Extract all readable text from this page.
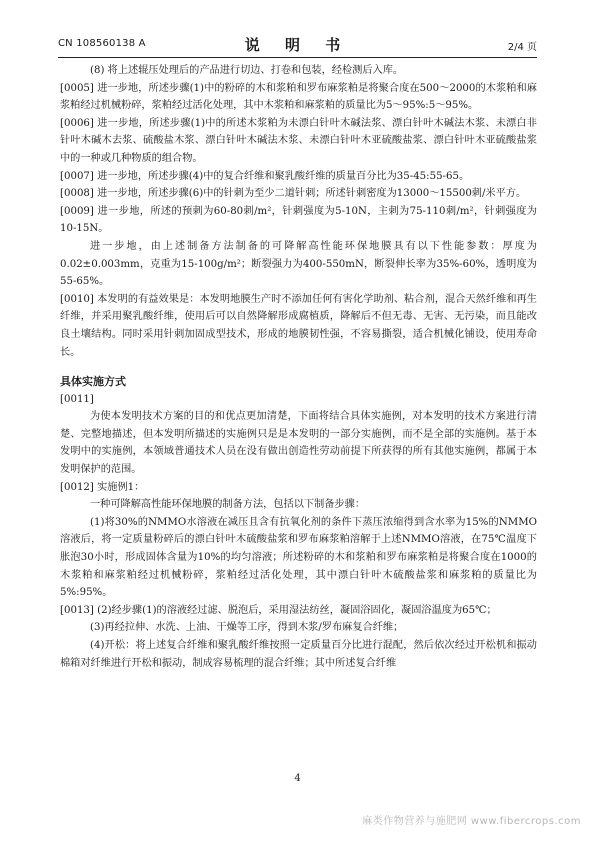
CN 108560138 A	说 明 书	2/4 页

(8) 将上述辊压处理后的产品进行切边、打卷和包装，经检测后入库。

[0005] 进一步地，所述步骤(1)中的粉碎的木和浆粕和罗布麻浆粕是将聚合度在500～2000的木浆粕和麻浆粕经过机械粉碎，浆粕经过活化处理，其中木浆粕和麻浆粕的质量比为5～95%:5～95%。

[0006] 进一步地，所述步骤(1)中的所述木浆粕为未漂白针叶木碱法浆、漂白针叶木碱法木浆、未漂白非针叶木碱木去浆、硫酸盐木浆、漂白针叶木碱法木浆、未漂白针叶木亚硫酸盐浆、漂白针叶木亚硫酸盐浆中的一种或几种物质的组合物。

[0007] 进一步地，所述步骤(4)中的复合纤维和聚乳酸纤维的质量百分比为35-45:55-65。

[0008] 进一步地，所述步骤(6)中的针刺为至少二道针刺；所述针刺密度为13000～15500刺/米平方。

[0009] 进一步地，所述的预刺为60-80刺/m²，针刺强度为5-10N，主刺为75-110刺/m²，针刺强度为10-15N。

进一步地，由上述制备方法制备的可降解高性能环保地膜具有以下性能参数：厚度为0.02±0.003mm，克重为15-100g/m²；断裂强力为400-550mN，断裂伸长率为35%-60%，透明度为55-65%。

[0010] 本发明的有益效果是：本发明地膜生产时不添加任何有害化学助剂、粘合剂，混合天然纤维和再生纤维，并采用聚乳酸纤维，使用后可以自然降解形成腐植质，降解后不但无毒、无害、无污染，而且能改良土壤结构。同时采用针刺加固成型技术，形成的地膜韧性强，不容易撕裂，适合机械化铺设，使用寿命长。

具体实施方式

[0011]

为使本发明技术方案的目的和优点更加清楚，下面将结合具体实施例，对本发明的技术方案进行清楚、完整地描述，但本发明所描述的实施例只是是本发明的一部分实施例，而不是全部的实施例。基于本发明中的实施例，本领域普通技术人员在没有做出创造性劳动前提下所获得的所有其他实施例，都属于本发明保护的范围。

[0012] 实施例1：

一种可降解高性能环保地膜的制备方法，包括以下制备步骤：

(1)将30%的NMMO水溶液在减压且含有抗氧化剂的条件下蒸压浓缩得到含水率为15%的NMMO溶液后，将一定质量粉碎后的漂白针叶木硫酸盐浆和罗布麻浆粕溶解于上述NMMO溶液，在75℃温度下胀泡30小时，形成固体含量为10%的均匀溶液；所述粉碎的木和浆粕和罗布麻浆粕是将聚合度在1000的木浆粕和麻浆粕经过机械粉碎，浆粕经过活化处理，其中漂白针叶木硫酸盐浆和麻浆粕的质量比为5%:95%。

[0013] (2)经步骤(1)的溶液经过滤、脱泡后，采用湿法纺丝，凝固浴固化，凝固浴温度为65℃；

(3)再经拉伸、水洗、上油、干燥等工序，得到木浆/罗布麻复合纤维；

(4)开松：将上述复合纤维和聚乳酸纤维按照一定质量百分比进行混配，然后依次经过开松机和振动棉箱对纤维进行开松和振动，制成容易梳理的混合纤维；其中所述复合纤维

4
麻类作物营养与施肥网 www.fibercrops.com
